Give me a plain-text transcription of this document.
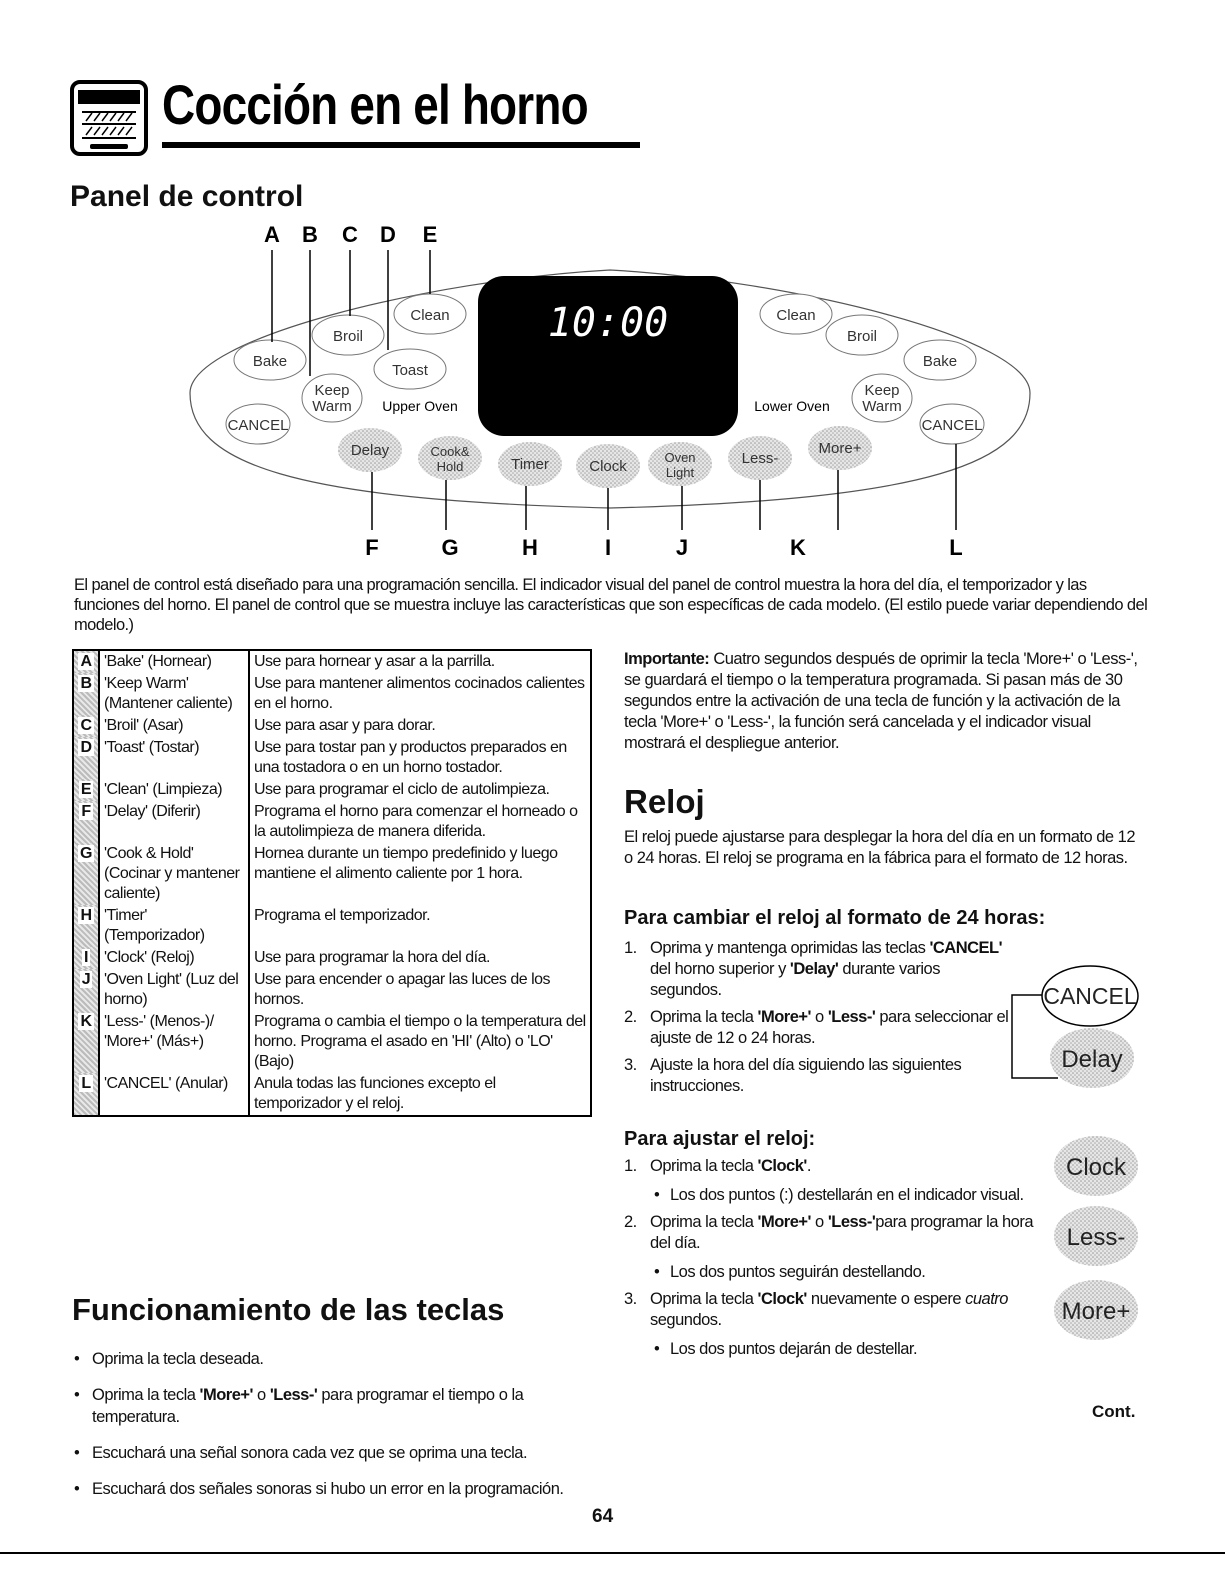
Cocción en el horno
Panel de control
10:00
Upper Oven	Lower Oven
Bake
Broil
Clean
Toast
Keep
Warm
CANCEL
Clean
Broil
Bake
Keep
Warm
CANCEL
Delay	Cook&
Hold	Timer	Clock
Oven
Light
Less-
More+
A B C D E
F	G	H	I	J	K	L

El panel de control está diseñado para una programación sencilla. El indicador visual del panel de control muestra la hora del día, el temporizador y las funciones del horno. El panel de control que se muestra incluye las características que son específicas de cada modelo. (El estilo puede variar dependiendo del modelo.)

A	'Bake' (Hornear)	Use para hornear y asar a la parrilla.
B	'Keep Warm' (Mantener caliente)	Use para mantener alimentos cocinados calientes en el horno.
C	'Broil' (Asar)	Use para asar y para dorar.
D	'Toast' (Tostar)	Use para tostar pan y productos preparados en una tostadora o en un horno tostador.
E	'Clean' (Limpieza)	Use para programar el ciclo de autolimpieza.
F	'Delay' (Diferir)	Programa el horno para comenzar el horneado o la autolimpieza de manera diferida.
G	'Cook & Hold' (Cocinar y mantener caliente)	Hornea durante un tiempo predefinido y luego mantiene el alimento caliente por 1 hora.
H	'Timer' (Temporizador)	Programa el temporizador.
I	'Clock' (Reloj)	Use para programar la hora del día.
J	'Oven Light' (Luz del horno)	Use para encender o apagar las luces de los hornos.
K	'Less-' (Menos-)/ 'More+' (Más+)	Programa o cambia el tiempo o la temperatura del horno. Programa el asado en 'HI' (Alto) o 'LO' (Bajo)
L	'CANCEL' (Anular)	Anula todas las funciones excepto el temporizador y el reloj.
Funcionamiento de las teclas
• Oprima la tecla deseada.
• Oprima la tecla 'More+' o 'Less-' para programar el tiempo o la temperatura.
• Escuchará una señal sonora cada vez que se oprima una tecla.
• Escuchará dos señales sonoras si hubo un error en la programación.

Importante: Cuatro segundos después de oprimir la tecla 'More+' o 'Less-', se guardará el tiempo o la temperatura programada. Si pasan más de 30 segundos entre la activación de una tecla de función y la activación de la tecla 'More+' o 'Less-', la función será cancelada y el indicador visual mostrará el despliegue anterior.

Reloj

El reloj puede ajustarse para desplegar la hora del día en un formato de 12 o 24 horas. El reloj se programa en la fábrica para el formato de 12 horas.

Para cambiar el reloj al formato de 24 horas:
1. Oprima y mantenga oprimidas las teclas 'CANCEL' del horno superior y 'Delay' durante varios segundos.
2. Oprima la tecla 'More+' o 'Less-' para seleccionar el ajuste de 12 o 24 horas.
3. Ajuste la hora del día siguiendo las siguientes instrucciones.
Para ajustar el reloj:
1. Oprima la tecla 'Clock'.
• Los dos puntos (:) destellarán en el indicador visual.
2. Oprima la tecla 'More+' o 'Less-'para programar la hora del día.
• Los dos puntos seguirán destellando.
3. Oprima la tecla 'Clock' nuevamente o espere cuatro segundos.
• Los dos puntos dejarán de destellar.
CANCEL
Delay
Clock
Less-
More+
Cont.
64
